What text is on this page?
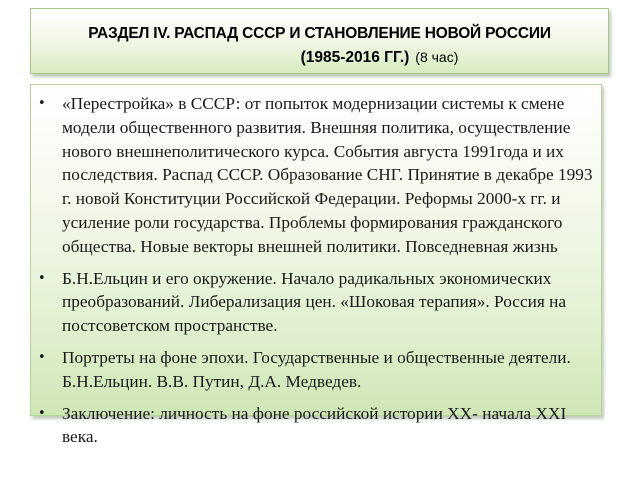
РАЗДЕЛ IV. РАСПАД СССР И СТАНОВЛЕНИЕ НОВОЙ РОССИИ
(1985-2016 ГГ.) (8 час)
• «Перестройка» в СССР: от попыток модернизации системы к смене модели общественного развития. Внешняя политика, осуществление нового внешнеполитического курса. События августа 1991года и их последствия. Распад СССР. Образование СНГ. Принятие в декабре 1993 г. новой Конституции Российской Федерации. Реформы 2000-х гг. и усиление роли государства. Проблемы формирования гражданского общества. Новые векторы внешней политики. Повседневная жизнь
• Б.Н.Ельцин и его окружение. Начало радикальных экономических преобразований. Либерализация цен. «Шоковая терапия». Россия на постсоветском пространстве.
• Портреты на фоне эпохи. Государственные и общественные деятели. Б.Н.Ельцин. В.В. Путин, Д.А. Медведев.
• Заключение: личность на фоне российской истории ХХ- начала ХХI века.
